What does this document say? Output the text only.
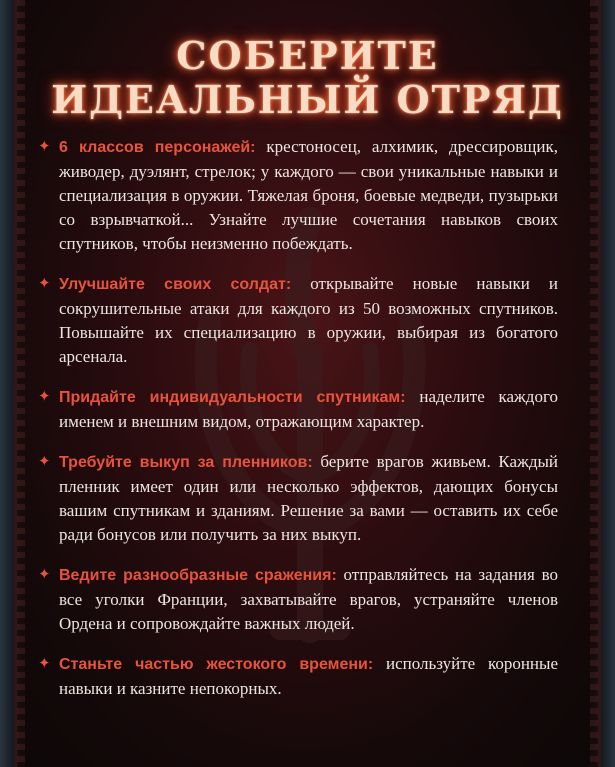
СОБЕРИТЕ
ИДЕАЛЬНЫЙ ОТРЯД
✦ 6 классов персонажей: крестоносец, алхимик, дрессировщик, живодер, дуэлянт, стрелок; у каждого — свои уникальные навыки и специализация в оружии. Тяжелая броня, боевые медведи, пузырьки со взрывчаткой... Узнайте лучшие сочетания навыков своих спутников, чтобы неизменно побеждать.
✦ Улучшайте своих солдат: открывайте новые навыки и сокрушительные атаки для каждого из 50 возможных спутников. Повышайте их специализацию в оружии, выбирая из богатого арсенала.
✦ Придайте индивидуальности спутникам: наделите каждого именем и внешним видом, отражающим характер.
✦ Требуйте выкуп за пленников: берите врагов живьем. Каждый пленник имеет один или несколько эффектов, дающих бонусы вашим спутникам и зданиям. Решение за вами — оставить их себе ради бонусов или получить за них выкуп.
✦ Ведите разнообразные сражения: отправляйтесь на задания во все уголки Франции, захватывайте врагов, устраняйте членов Ордена и сопровождайте важных людей.
✦ Станьте частью жестокого времени: используйте коронные навыки и казните непокорных.
